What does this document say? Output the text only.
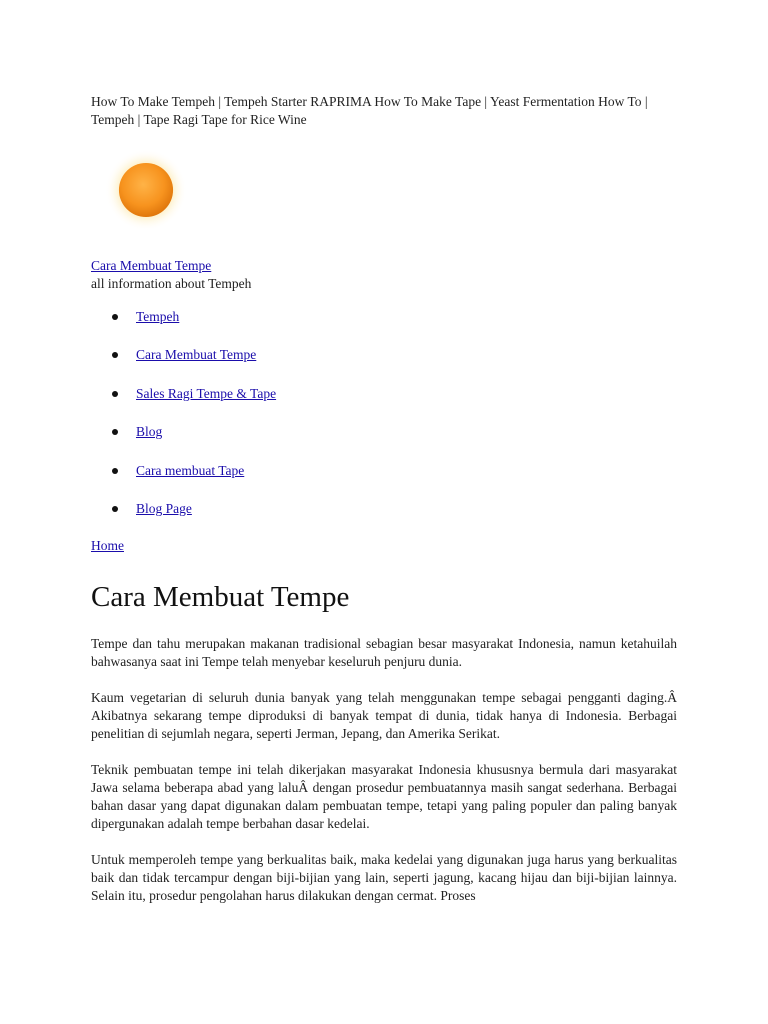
How To Make Tempeh | Tempeh Starter RAPRIMA How To Make Tape | Yeast Fermentation How To | Tempeh | Tape Ragi Tape for Rice Wine

Cara Membuat Tempe

all information about Tempeh

Tempeh
Cara Membuat Tempe
Sales Ragi Tempe & Tape
Blog
Cara membuat Tape
Blog Page
Home
Cara Membuat Tempe

Tempe dan tahu merupakan makanan tradisional sebagian besar masyarakat Indonesia, namun ketahuilah bahwasanya saat ini Tempe telah menyebar keseluruh penjuru dunia.

Kaum vegetarian di seluruh dunia banyak yang telah menggunakan tempe sebagai pengganti daging.Â Akibatnya sekarang tempe diproduksi di banyak tempat di dunia, tidak hanya di Indonesia. Berbagai penelitian di sejumlah negara, seperti Jerman, Jepang, dan Amerika Serikat.

Teknik pembuatan tempe ini telah dikerjakan masyarakat Indonesia khususnya bermula dari masyarakat Jawa selama beberapa abad yang laluÂ dengan prosedur pembuatannya masih sangat sederhana. Berbagai bahan dasar yang dapat digunakan dalam pembuatan tempe, tetapi yang paling populer dan paling banyak dipergunakan adalah tempe berbahan dasar kedelai.

Untuk memperoleh tempe yang berkualitas baik, maka kedelai yang digunakan juga harus yang berkualitas baik dan tidak tercampur dengan biji-bijian yang lain, seperti jagung, kacang hijau dan biji-bijian lainnya. Selain itu, prosedur pengolahan harus dilakukan dengan cermat. Proses
